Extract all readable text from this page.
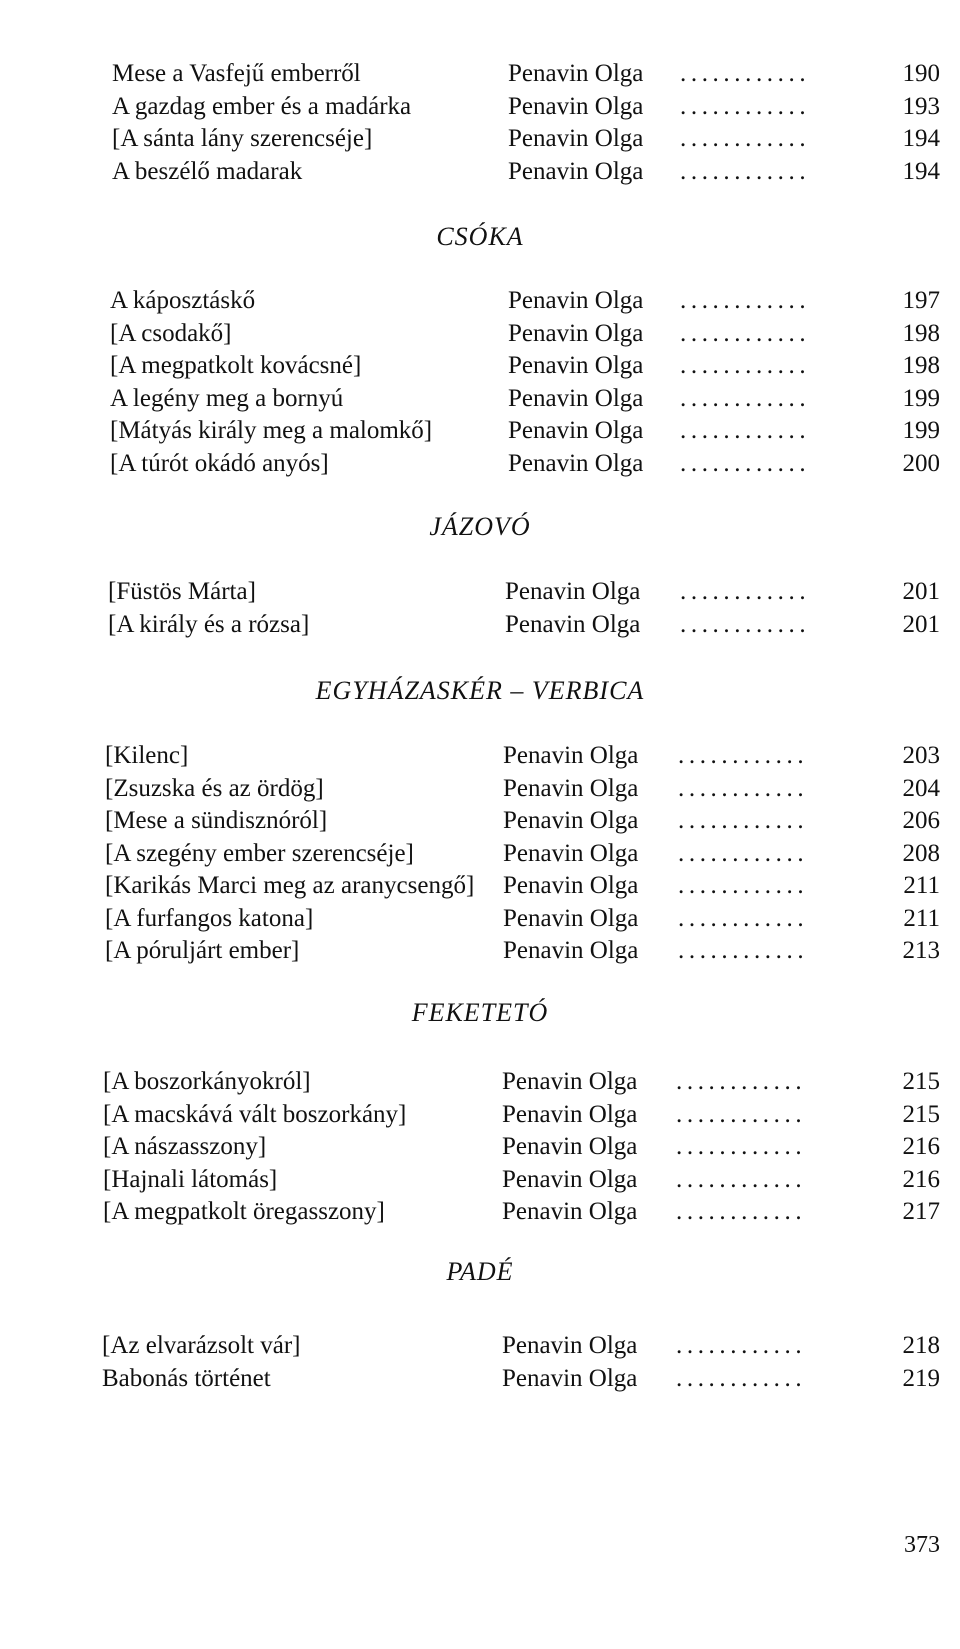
Mese a Vasfejű emberről	Penavin Olga ............	190
A gazdag ember és a madárka	Penavin Olga ............	193
[A sánta lány szerencséje]	Penavin Olga ............	194
A beszélő madarak	Penavin Olga ............	194
CSÓKA
A káposztáskő	Penavin Olga ............	197
[A csodakő]	Penavin Olga ............	198
[A megpatkolt kovácsné]	Penavin Olga ............	198
A legény meg a bornyú	Penavin Olga ............	199
[Mátyás király meg a malomkő]	Penavin Olga ............	199
[A túrót okádó anyós]	Penavin Olga ............	200
JÁZOVÓ
[Füstös Márta]	Penavin Olga ............	201
[A király és a rózsa]	Penavin Olga ............	201
EGYHÁZASKÉR – VERBICA
[Kilenc]	Penavin Olga ............	203
[Zsuzska és az ördög]	Penavin Olga ............	204
[Mese a sündisznóról]	Penavin Olga ............	206
[A szegény ember szerencséje]	Penavin Olga ............	208
[Karikás Marci meg az aranycsengő] Penavin Olga ............	211
[A furfangos katona]	Penavin Olga ............	211
[A póruljárt ember]	Penavin Olga ............	213
FEKETETÓ
[A boszorkányokról]	Penavin Olga ............	215
[A macskává vált boszorkány]	Penavin Olga ............	215
[A nászasszony]	Penavin Olga ............	216
[Hajnali látomás]	Penavin Olga ............	216
[A megpatkolt öregasszony]	Penavin Olga ............	217
PADÉ
[Az elvarázsolt vár]	Penavin Olga ............	218
Babonás történet	Penavin Olga ............	219
373
